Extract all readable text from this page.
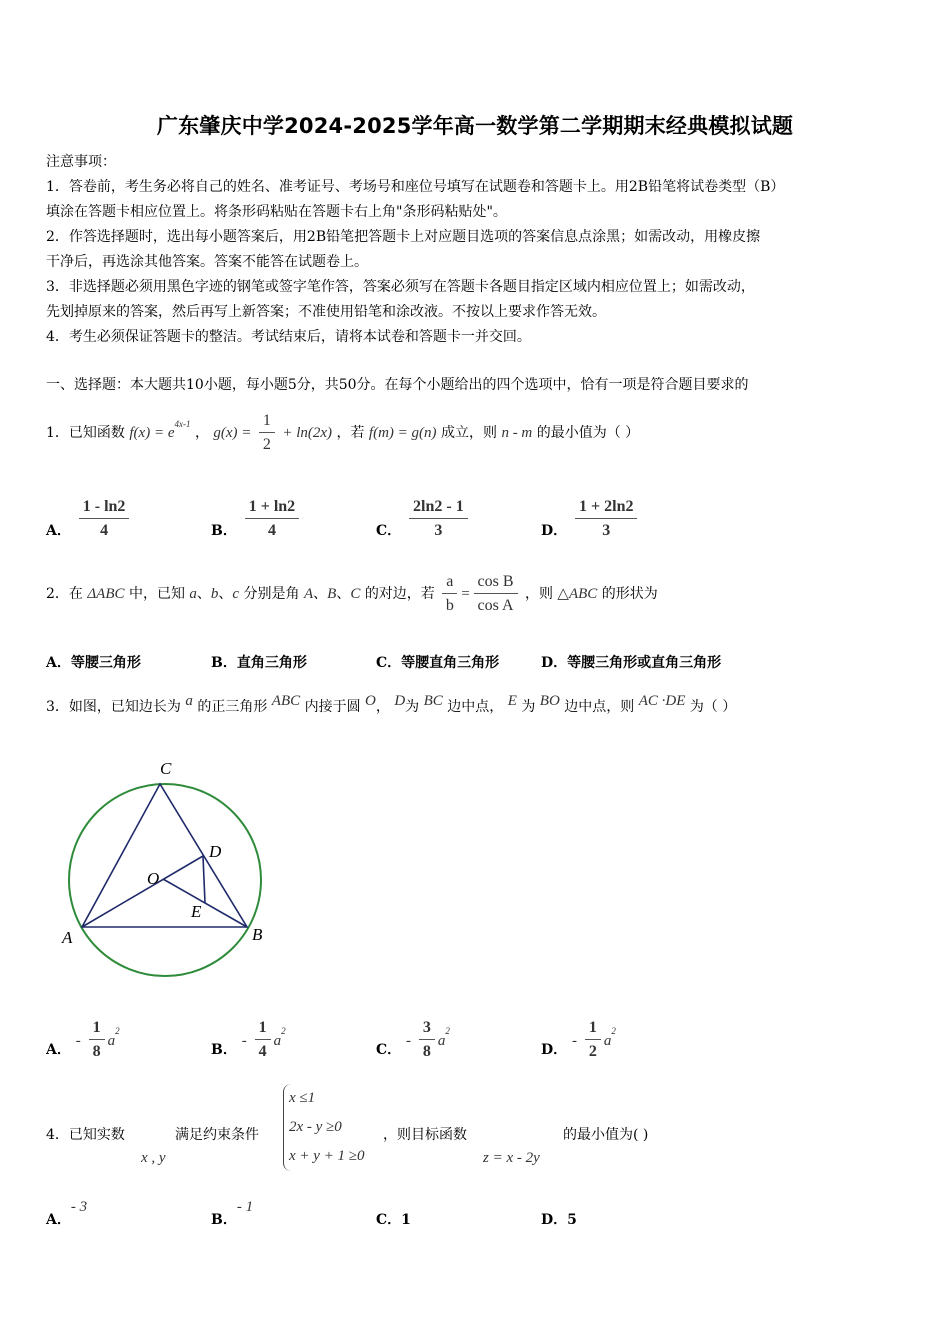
广东肇庆中学2024-2025学年高一数学第二学期期末经典模拟试题

注意事项：

1．答卷前，考生务必将自己的姓名、准考证号、考场号和座位号填写在试题卷和答题卡上。用2B铅笔将试卷类型（B）

填涂在答题卡相应位置上。将条形码粘贴在答题卡右上角"条形码粘贴处"。

2．作答选择题时，选出每小题答案后，用2B铅笔把答题卡上对应题目选项的答案信息点涂黑；如需改动，用橡皮擦

干净后，再选涂其他答案。答案不能答在试题卷上。

3．非选择题必须用黑色字迹的钢笔或签字笔作答，答案必须写在答题卡各题目指定区域内相应位置上；如需改动，

先划掉原来的答案，然后再写上新答案；不准使用铅笔和涂改液。不按以上要求作答无效。

4．考生必须保证答题卡的整洁。考试结束后，请将本试卷和答题卡一并交回。

一、选择题：本大题共10小题，每小题5分，共50分。在每个小题给出的四个选项中，恰有一项是符合题目要求的
1．已知函数 $f(x) = e^{4x-1}$ ， $g(x) = \frac{1}{2} + \ln(2x)$ ，若 f(m) = g(n) 成立，则 n - m 的最小值为（ ）
A． $\frac{1 - \ln 2}{4}$	B． $\frac{1 + \ln 2}{4}$	C． $\frac{2\ln 2 - 1}{3}$	D． $\frac{1 + 2\ln 2}{3}$
2．在 ΔABC 中，已知 a、b、c 分别是角 A、B、C 的对边，若 $\frac{a}{b} = \frac{\text{cos B}}{\text{cos A}}$ ，则 △ABC 的形状为
A．等腰三角形	B．直角三角形	C．等腰直角三角形	D．等腰三角形或直角三角形
3．如图，已知边长为 a 的正三角形 ABC 内接于圆 O， D为 BC 边中点， E 为 BO 边中点，则 AC ·DE 为（ ）
C
D
O
E
A	B
A． - $\frac{1}{8} a^2$
B． - $\frac{1}{4} a^2$
C． - $\frac{3}{8} a^2$
D． - $\frac{1}{2} a^2$
4．已知实数
x , y
满足约束条件
x ≤1
2x - y ≥0
x + y + 1 ≥0
，则目标函数
z = x - 2y
的最小值为( )
A．- 3
B．- 1
C．1	D．5
